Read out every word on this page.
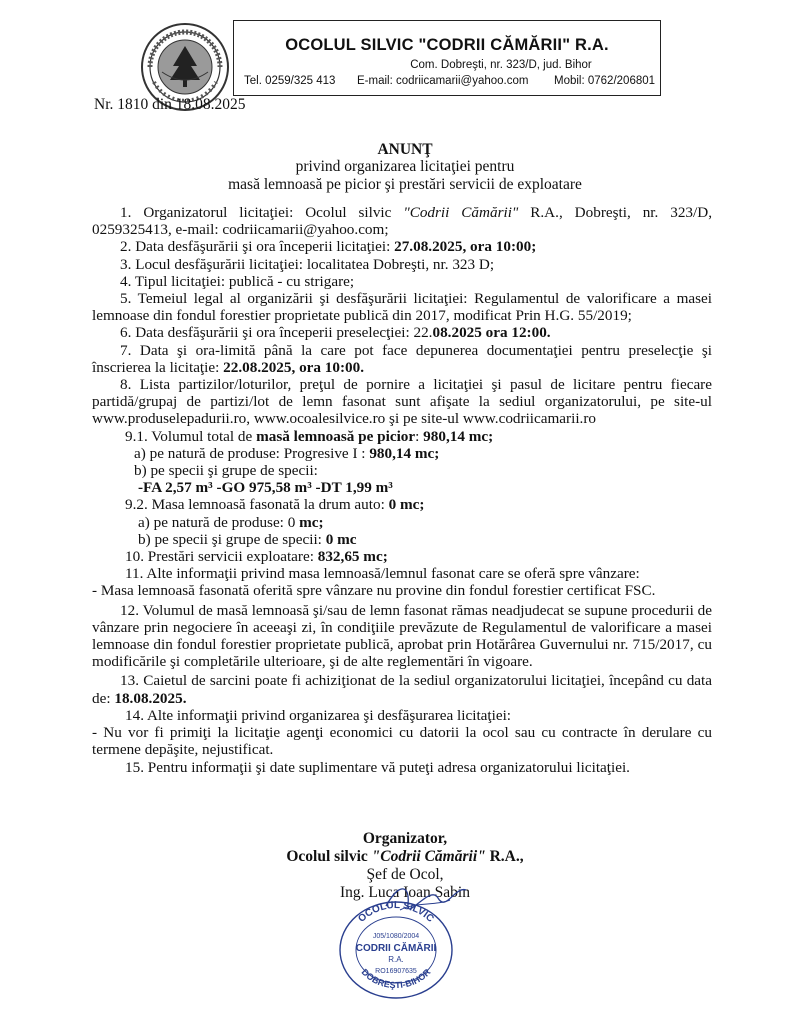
OCOLUL SILVIC "CODRII CĂMĂRII" R.A.
Com. Dobreşti, nr. 323/D, jud. Bihor
Tel. 0259/325 413 E-mail: codriicamarii@yahoo.com Mobil: 0762/206801
Nr. 1810 din 18.08.2025
ANUNŢ
privind organizarea licitaţiei pentru
masă lemnoasă pe picior şi prestări servicii de exploatare

1. Organizatorul licitaţiei: Ocolul silvic "Codrii Cămării" R.A., Dobreşti, nr. 323/D, 0259325413, e-mail: codriicamarii@yahoo.com;

2. Data desfăşurării şi ora începerii licitaţiei: 27.08.2025, ora 10:00;

3. Locul desfăşurării licitaţiei: localitatea Dobreşti, nr. 323 D;

4. Tipul licitaţiei: publică - cu strigare;

5. Temeiul legal al organizării şi desfăşurării licitaţiei: Regulamentul de valorificare a masei lemnoase din fondul forestier proprietate publică din 2017, modificat Prin H.G. 55/2019;

6. Data desfăşurării şi ora începerii preselecţiei: 22.08.2025 ora 12:00.

7. Data şi ora-limită până la care pot face depunerea documentaţiei pentru preselecţie şi înscrierea la licitaţie: 22.08.2025, ora 10:00.

8. Lista partizilor/loturilor, preţul de pornire a licitaţiei şi pasul de licitare pentru fiecare partidă/grupaj de partizi/lot de lemn fasonat sunt afişate la sediul organizatorului, pe site-ul www.produselepadurii.ro, www.ocoalesilvice.ro şi pe site-ul www.codriicamarii.ro

9.1. Volumul total de masă lemnoasă pe picior: 980,14 mc;

a) pe natură de produse: Progresive I : 980,14 mc;

b) pe specii şi grupe de specii:

-FA 2,57 m³ -GO 975,58 m³ -DT 1,99 m³

9.2. Masa lemnoasă fasonată la drum auto: 0 mc;

a) pe natură de produse: 0 mc;

b) pe specii şi grupe de specii: 0 mc

10. Prestări servicii exploatare: 832,65 mc;

11. Alte informaţii privind masa lemnoasă/lemnul fasonat care se oferă spre vânzare:

- Masa lemnoasă fasonată oferită spre vânzare nu provine din fondul forestier certificat FSC.

12. Volumul de masă lemnoasă şi/sau de lemn fasonat rămas neadjudecat se supune procedurii de vânzare prin negociere în aceeaşi zi, în condiţiile prevăzute de Regulamentul de valorificare a masei lemnoase din fondul forestier proprietate publică, aprobat prin Hotărârea Guvernului nr. 715/2017, cu modificările şi completările ulterioare, şi de alte reglementări în vigoare.

13. Caietul de sarcini poate fi achiziţionat de la sediul organizatorului licitaţiei, începând cu data de: 18.08.2025.

14. Alte informaţii privind organizarea şi desfăşurarea licitaţiei:

- Nu vor fi primiţi la licitaţie agenţi economici cu datorii la ocol sau cu contracte în derulare cu termene depăşite, nejustificat.

15. Pentru informaţii şi date suplimentare vă puteţi adresa organizatorului licitaţiei.

Organizator,
Ocolul silvic "Codrii Cămării" R.A.,
Şef de Ocol,
Ing. Luca Ioan Sabin
OCOLUL SILVIC
DOBREŞTI-BIHOR
J05/1080/2004
CODRII CĂMĂRII
R.A.
RO16907635
